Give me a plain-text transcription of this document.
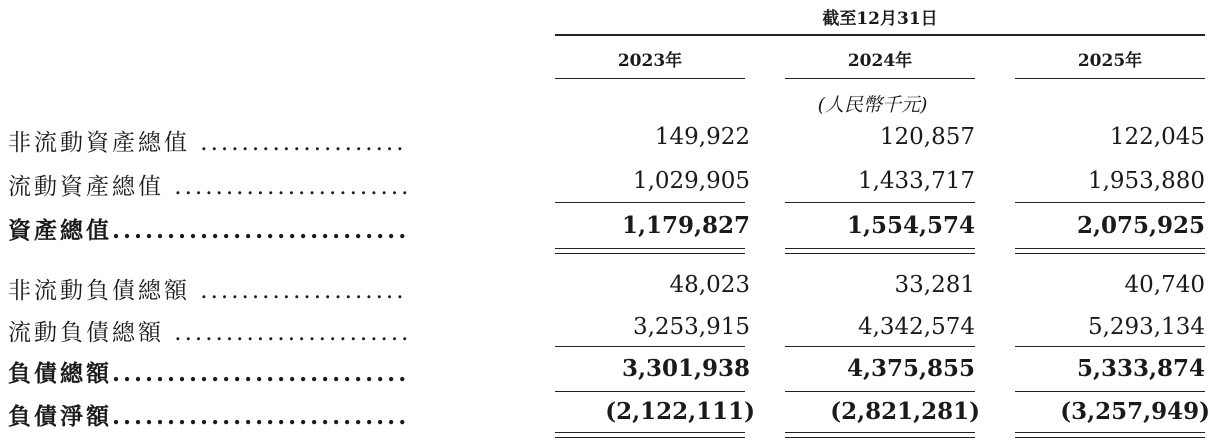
截至12月31日
2023年	2024年	2025年
(人民幣千元)
非流動資產總值 ....................	149,922	120,857	122,045
流動資產總值 .......................	1,029,905	1,433,717	1,953,880
資產總值...........................	1,179,827	1,554,574	2,075,925
非流動負債總額 ....................	48,023	33,281	40,740
流動負債總額 .......................	3,253,915	4,342,574	5,293,134
負債總額...........................	3,301,938	4,375,855	5,333,874
負債淨額...........................	(2,122,111)	(2,821,281)	(3,257,949)
